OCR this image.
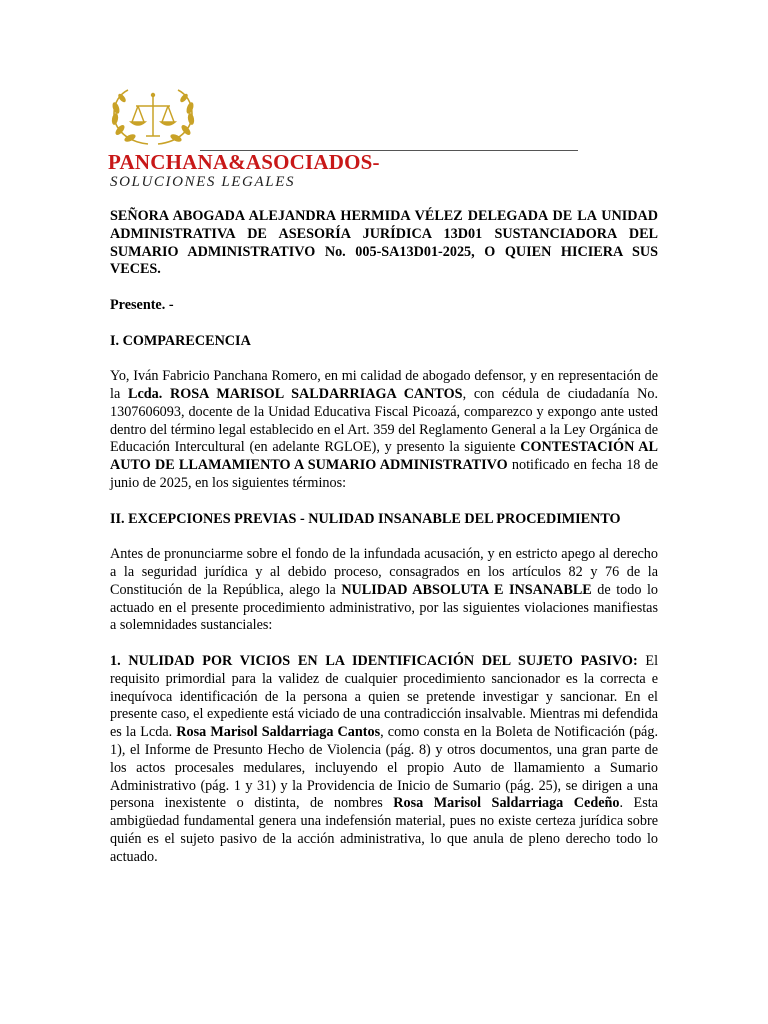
PANCHANA&ASOCIADOS-
SOLUCIONES LEGALES

SEÑORA ABOGADA ALEJANDRA HERMIDA VÉLEZ DELEGADA DE LA UNIDAD ADMINISTRATIVA DE ASESORÍA JURÍDICA 13D01 SUSTANCIADORA DEL SUMARIO ADMINISTRATIVO No. 005-SA13D01-2025, O QUIEN HICIERA SUS VECES.

Presente. -

I. COMPARECENCIA

Yo, Iván Fabricio Panchana Romero, en mi calidad de abogado defensor, y en representación de la Lcda. ROSA MARISOL SALDARRIAGA CANTOS, con cédula de ciudadanía No. 1307606093, docente de la Unidad Educativa Fiscal Picoazá, comparezco y expongo ante usted dentro del término legal establecido en el Art. 359 del Reglamento General a la Ley Orgánica de Educación Intercultural (en adelante RGLOE), y presento la siguiente CONTESTACIÓN AL AUTO DE LLAMAMIENTO A SUMARIO ADMINISTRATIVO notificado en fecha 18 de junio de 2025, en los siguientes términos:

II. EXCEPCIONES PREVIAS - NULIDAD INSANABLE DEL PROCEDIMIENTO

Antes de pronunciarme sobre el fondo de la infundada acusación, y en estricto apego al derecho a la seguridad jurídica y al debido proceso, consagrados en los artículos 82 y 76 de la Constitución de la República, alego la NULIDAD ABSOLUTA E INSANABLE de todo lo actuado en el presente procedimiento administrativo, por las siguientes violaciones manifiestas a solemnidades sustanciales:

1. NULIDAD POR VICIOS EN LA IDENTIFICACIÓN DEL SUJETO PASIVO: El requisito primordial para la validez de cualquier procedimiento sancionador es la correcta e inequívoca identificación de la persona a quien se pretende investigar y sancionar. En el presente caso, el expediente está viciado de una contradicción insalvable. Mientras mi defendida es la Lcda. Rosa Marisol Saldarriaga Cantos, como consta en la Boleta de Notificación (pág. 1), el Informe de Presunto Hecho de Violencia (pág. 8) y otros documentos, una gran parte de los actos procesales medulares, incluyendo el propio Auto de llamamiento a Sumario Administrativo (pág. 1 y 31) y la Providencia de Inicio de Sumario (pág. 25), se dirigen a una persona inexistente o distinta, de nombres Rosa Marisol Saldarriaga Cedeño. Esta ambigüedad fundamental genera una indefensión material, pues no existe certeza jurídica sobre quién es el sujeto pasivo de la acción administrativa, lo que anula de pleno derecho todo lo actuado.
